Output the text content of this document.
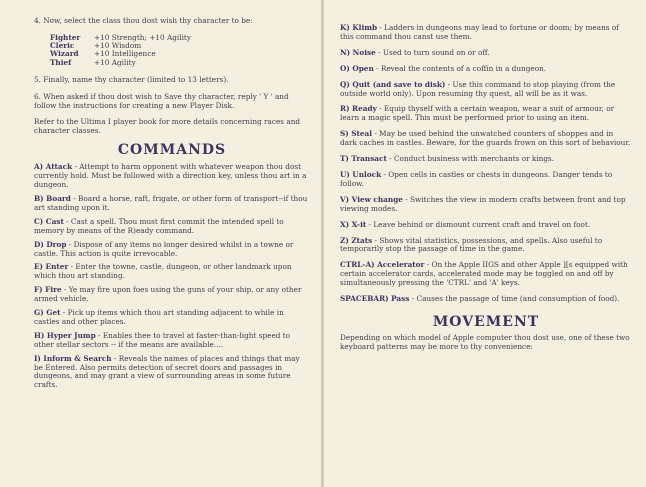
4. Now, select the class thou dost wish thy character to be:

Fighter	+10 Strength; +10 Agility
Cleric	+10 Wisdom
Wizard	+10 Intelligence
Thief	+10 Agility

5. Finally, name thy character (limited to 13 letters).

6. When asked if thou dost wish to Save thy character, reply ' Y ' and follow the instructions for creating a new Player Disk.

Refer to the Ultima I player book for more details concerning races and character classes.

COMMANDS
A) Attack - Attempt to harm opponent with whatever weapon thou dost currently hold. Must be followed with a direction key, unless thou art in a dungeon.
B) Board - Board a horse, raft, frigate, or other form of transport--if thou art standing upon it.
C) Cast - Cast a spell. Thou must first commit the intended spell to memory by means of the R)eady command.
D) Drop - Dispose of any items no longer desired whilst in a towne or castle. This action is quite irrevocable.
E) Enter - Enter the towne, castle, dungeon, or other landmark upon which thou art standing.
F) Fire - Ye may fire upon foes using the guns of your ship, or any other armed vehicle.
G) Get - Pick up items which thou art standing adjacent to while in castles and other places.
H) Hyper Jump - Enables thee to travel at faster-than-light speed to other stellar sectors -- if the means are available....
I) Inform & Search - Reveals the names of places and things that may be Entered. Also permits detection of secret doors and passages in dungeons, and may grant a view of surrounding areas in some future crafts.
K) Klimb - Ladders in dungeons may lead to fortune or doom; by means of this command thou canst use them.
N) Noise - Used to turn sound on or off.
O) Open - Reveal the contents of a coffin in a dungeon.
Q) Quit (and save to disk) - Use this command to stop playing (from the outside world only). Upon resuming thy quest, all will be as it was.
R) Ready - Equip thyself with a certain weapon, wear a suit of armour, or learn a magic spell. This must be performed prior to using an item.
S) Steal - May be used behind the unwatched counters of shoppes and in dark caches in castles. Beware, for the guards frown on this sort of behaviour.
T) Transact - Conduct business with merchants or kings.
U) Unlock - Open cells in castles or chests in dungeons. Danger tends to follow.
V) View change - Switches the view in modern crafts between front and top viewing modes.
X) X-it - Leave behind or dismount current craft and travel on foot.
Z) Ztats - Shows vital statistics, possessions, and spells. Also useful to temporarily stop the passage of time in the game.
CTRL-A) Accelerator - On the Apple IIGS and other Apple ][s equipped with certain accelerator cards, accelerated mode may be toggled on and off by simultaneously pressing the 'CTRL' and 'A' keys.
SPACEBAR) Pass - Causes the passage of time (and consumption of food).
MOVEMENT

Depending on which model of Apple computer thou dost use, one of these two keyboard patterns may be more to thy convenience:
